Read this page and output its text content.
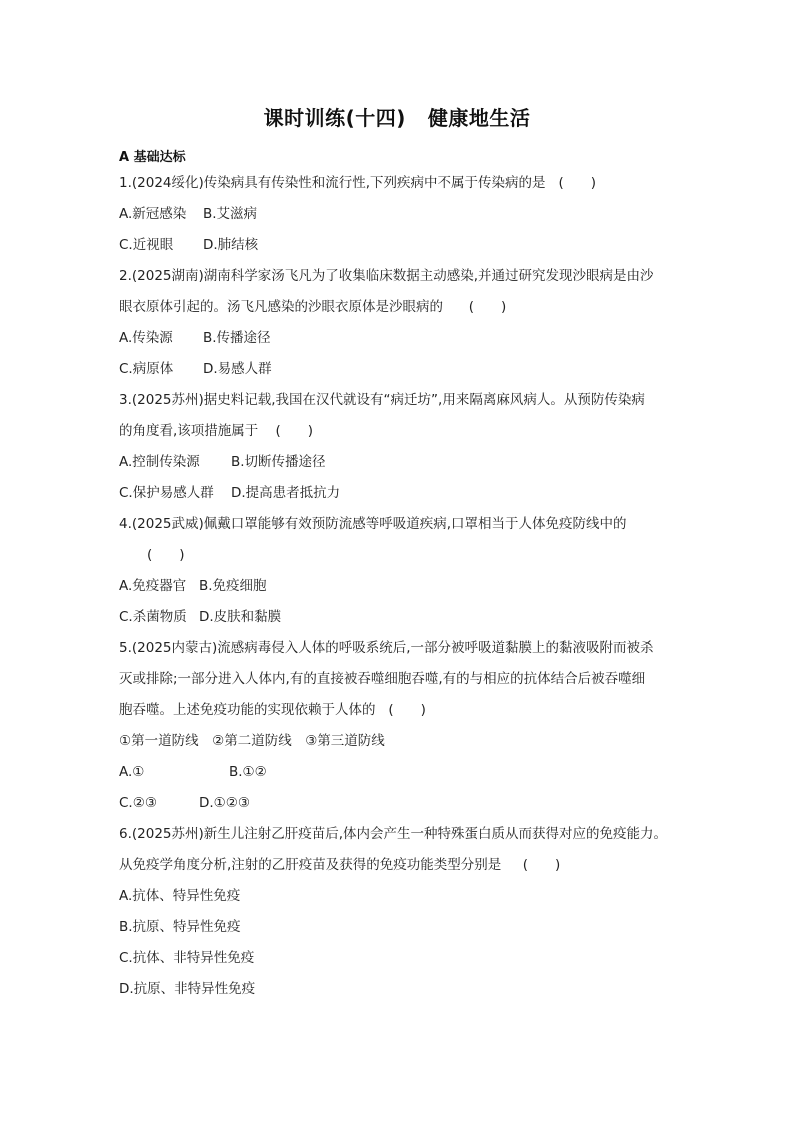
课时训练(十四) 健康地生活
A 基础达标
1.(2024绥化)传染病具有传染性和流行性,下列疾病中不属于传染病的是 (　　)
A.新冠感染 B.艾滋病
C.近视眼 D.肺结核
2.(2025湖南)湖南科学家汤飞凡为了收集临床数据主动感染,并通过研究发现沙眼病是由沙
眼衣原体引起的。汤飞凡感染的沙眼衣原体是沙眼病的 (　　)
A.传染源 B.传播途径
C.病原体 D.易感人群
3.(2025苏州)据史料记载,我国在汉代就设有“病迁坊”,用来隔离麻风病人。从预防传染病
的角度看,该项措施属于 (　　)
A.控制传染源 B.切断传播途径
C.保护易感人群 D.提高患者抵抗力
4.(2025武威)佩戴口罩能够有效预防流感等呼吸道疾病,口罩相当于人体免疫防线中的
(　　)
A.免疫器官 B.免疫细胞
C.杀菌物质 D.皮肤和黏膜
5.(2025内蒙古)流感病毒侵入人体的呼吸系统后,一部分被呼吸道黏膜上的黏液吸附而被杀
灭或排除;一部分进入人体内,有的直接被吞噬细胞吞噬,有的与相应的抗体结合后被吞噬细
胞吞噬。上述免疫功能的实现依赖于人体的 (　　)
①第一道防线　②第二道防线　③第三道防线
A.①	B.①②
C.②③	D.①②③
6.(2025苏州)新生儿注射乙肝疫苗后,体内会产生一种特殊蛋白质从而获得对应的免疫能力。
从免疫学角度分析,注射的乙肝疫苗及获得的免疫功能类型分别是 (　　)
A.抗体、特异性免疫
B.抗原、特异性免疫
C.抗体、非特异性免疫
D.抗原、非特异性免疫
